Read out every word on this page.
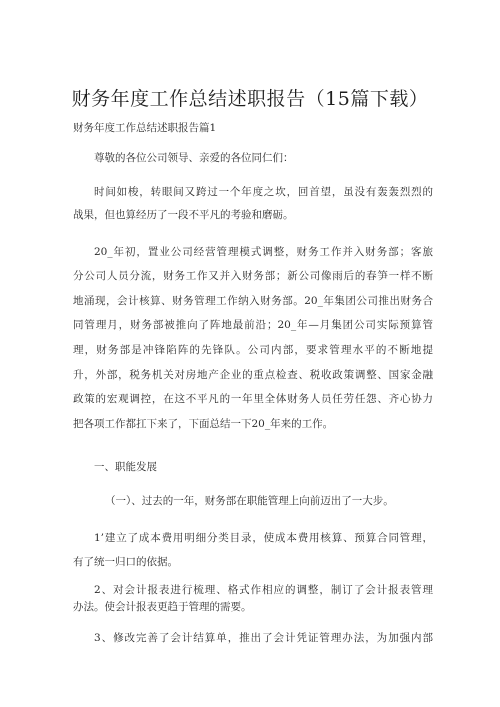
财务年度工作总结述职报告（15篇下载）
财务年度工作总结述职报告篇1
尊敬的各位公司领导、亲爱的各位同仁们：
时间如梭，转眼间又跨过一个年度之坎，回首望，虽没有轰轰烈烈的
战果，但也算经历了一段不平凡的考验和磨砺。
20_年初，置业公司经营管理模式调整，财务工作并入财务部；客旅
分公司人员分流，财务工作又并入财务部；新公司像雨后的春笋一样不断
地涌现，会计核算、财务管理工作纳入财务部。20_年集团公司推出财务合
同管理月，财务部被推向了阵地最前沿；20_年—月集团公司实际预算管
理，财务部是冲锋陷阵的先锋队。公司内部，要求管理水平的不断地提
升，外部，税务机关对房地产企业的重点检查、税收政策调整、国家金融
政策的宏观调控，在这不平凡的一年里全体财务人员任劳任怨、齐心协力
把各项工作都扛下来了，下面总结一下20_年来的工作。
一、职能发展
（一）、过去的一年，财务部在职能管理上向前迈出了一大步。
1’建立了成本费用明细分类目录，使成本费用核算、预算合同管理，
有了统一归口的依据。
2、对会计报表进行梳理、格式作相应的调整，制订了会计报表管理
办法。使会计报表更趋于管理的需要。
3、修改完善了会计结算单，推出了会计凭证管理办法，为加强内部
